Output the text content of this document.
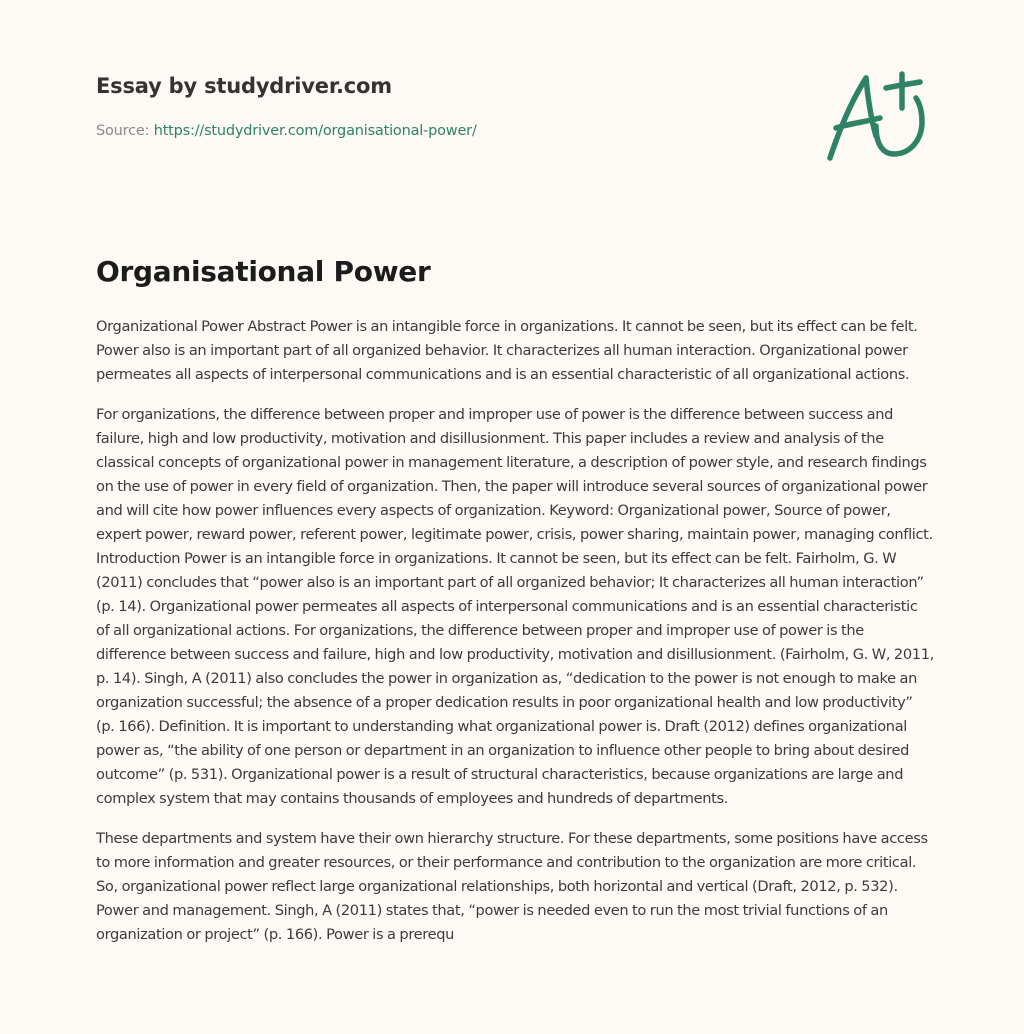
Essay by studydriver.com
Source: https://studydriver.com/organisational-power/
Organisational Power

Organizational Power Abstract Power is an intangible force in organizations. It cannot be seen, but its effect can be felt. Power also is an important part of all organized behavior. It characterizes all human interaction. Organizational power permeates all aspects of interpersonal communications and is an essential characteristic of all organizational actions.

For organizations, the difference between proper and improper use of power is the difference between success and failure, high and low productivity, motivation and disillusionment. This paper includes a review and analysis of the classical concepts of organizational power in management literature, a description of power style, and research findings on the use of power in every field of organization. Then, the paper will introduce several sources of organizational power and will cite how power influences every aspects of organization. Keyword: Organizational power, Source of power, expert power, reward power, referent power, legitimate power, crisis, power sharing, maintain power, managing conflict. Introduction Power is an intangible force in organizations. It cannot be seen, but its effect can be felt. Fairholm, G. W (2011) concludes that “power also is an important part of all organized behavior; It characterizes all human interaction” (p. 14). Organizational power permeates all aspects of interpersonal communications and is an essential characteristic of all organizational actions. For organizations, the difference between proper and improper use of power is the difference between success and failure, high and low productivity, motivation and disillusionment. (Fairholm, G. W, 2011, p. 14). Singh, A (2011) also concludes the power in organization as, “dedication to the power is not enough to make an organization successful; the absence of a proper dedication results in poor organizational health and low productivity” (p. 166). Definition. It is important to understanding what organizational power is. Draft (2012) defines organizational power as, “the ability of one person or department in an organization to influence other people to bring about desired outcome” (p. 531). Organizational power is a result of structural characteristics, because organizations are large and complex system that may contains thousands of employees and hundreds of departments.

These departments and system have their own hierarchy structure. For these departments, some positions have access to more information and greater resources, or their performance and contribution to the organization are more critical. So, organizational power reflect large organizational relationships, both horizontal and vertical (Draft, 2012, p. 532). Power and management. Singh, A (2011) states that, “power is needed even to run the most trivial functions of an organization or project” (p. 166). Power is a prerequ
